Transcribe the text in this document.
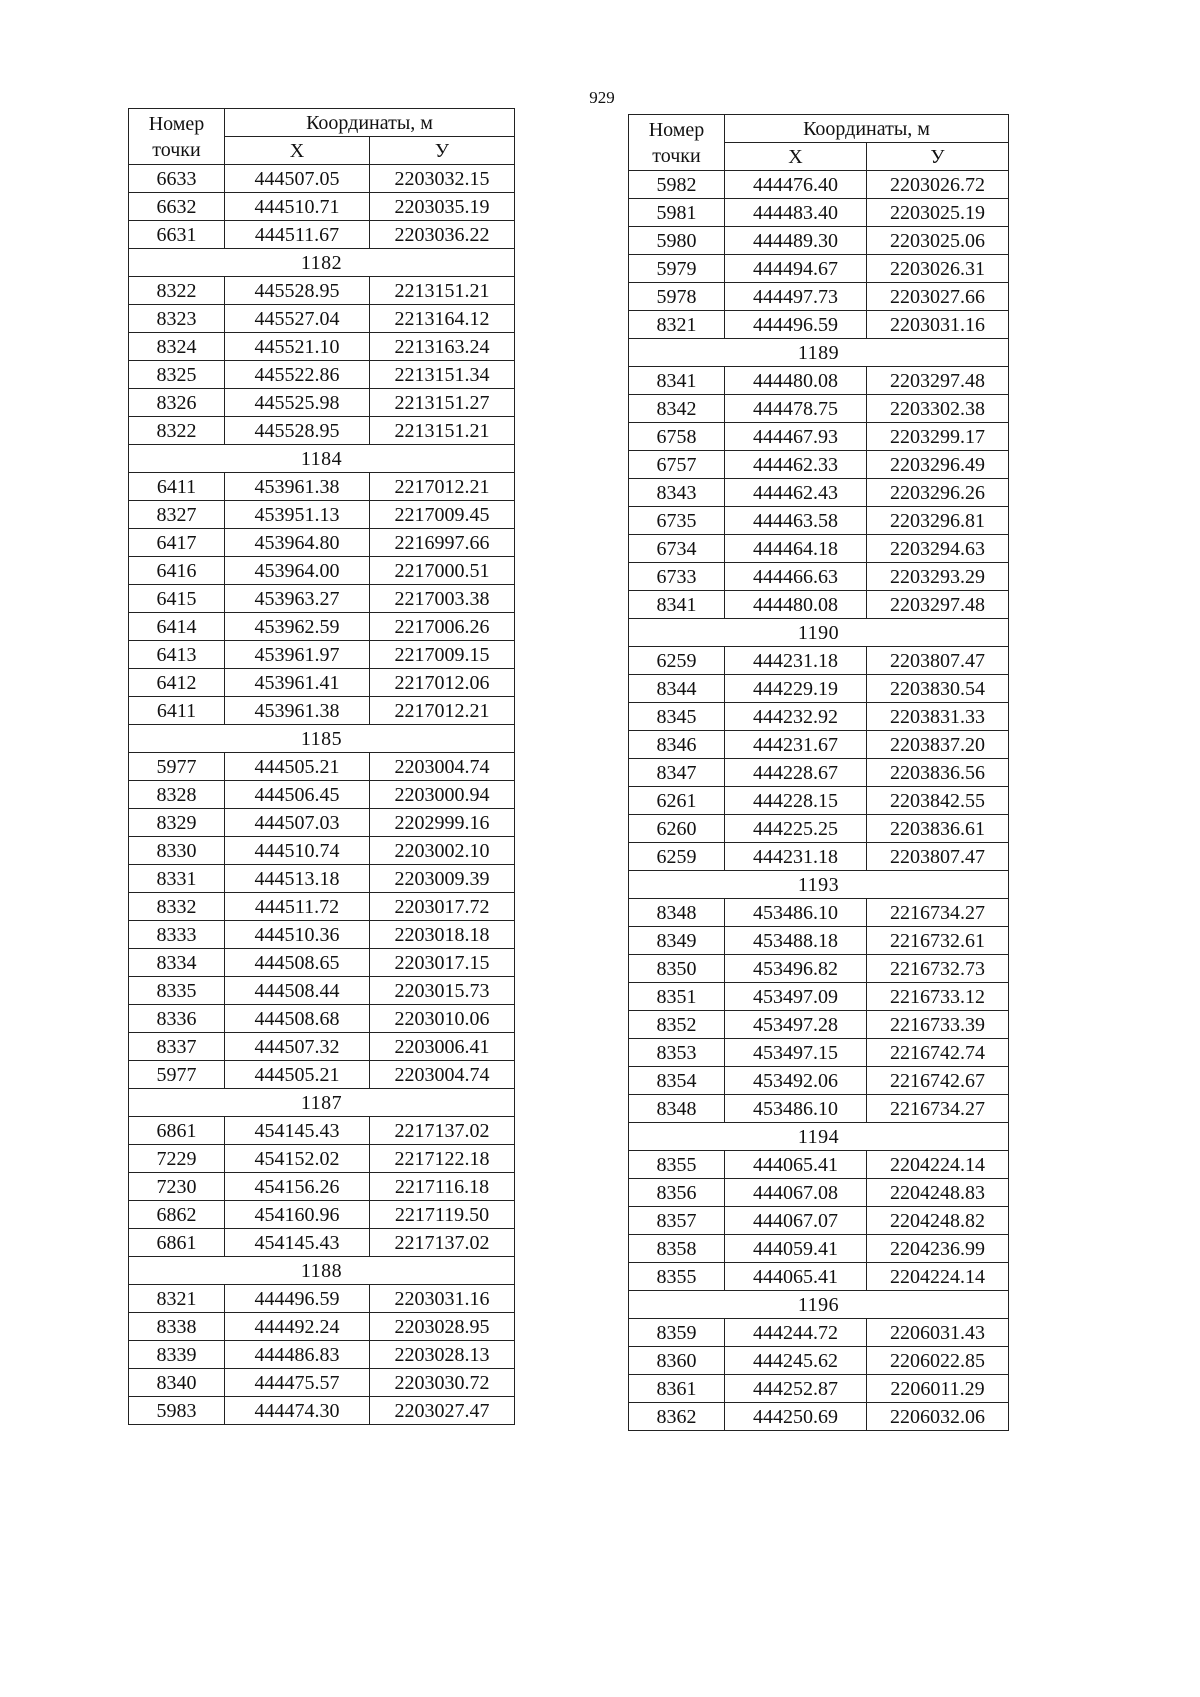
929
Номер
точки	Координаты, м	
	X	У
6633	444507.05	2203032.15
6632	444510.71	2203035.19
6631	444511.67	2203036.22
1182		
8322	445528.95	2213151.21
8323	445527.04	2213164.12
8324	445521.10	2213163.24
8325	445522.86	2213151.34
8326	445525.98	2213151.27
8322	445528.95	2213151.21
1184		
6411	453961.38	2217012.21
8327	453951.13	2217009.45
6417	453964.80	2216997.66
6416	453964.00	2217000.51
6415	453963.27	2217003.38
6414	453962.59	2217006.26
6413	453961.97	2217009.15
6412	453961.41	2217012.06
6411	453961.38	2217012.21
1185		
5977	444505.21	2203004.74
8328	444506.45	2203000.94
8329	444507.03	2202999.16
8330	444510.74	2203002.10
8331	444513.18	2203009.39
8332	444511.72	2203017.72
8333	444510.36	2203018.18
8334	444508.65	2203017.15
8335	444508.44	2203015.73
8336	444508.68	2203010.06
8337	444507.32	2203006.41
5977	444505.21	2203004.74
1187		
6861	454145.43	2217137.02
7229	454152.02	2217122.18
7230	454156.26	2217116.18
6862	454160.96	2217119.50
6861	454145.43	2217137.02
1188		
8321	444496.59	2203031.16
8338	444492.24	2203028.95
8339	444486.83	2203028.13
8340	444475.57	2203030.72
5983	444474.30	2203027.47
Номер
точки	Координаты, м	
	X	У
5982	444476.40	2203026.72
5981	444483.40	2203025.19
5980	444489.30	2203025.06
5979	444494.67	2203026.31
5978	444497.73	2203027.66
8321	444496.59	2203031.16
1189		
8341	444480.08	2203297.48
8342	444478.75	2203302.38
6758	444467.93	2203299.17
6757	444462.33	2203296.49
8343	444462.43	2203296.26
6735	444463.58	2203296.81
6734	444464.18	2203294.63
6733	444466.63	2203293.29
8341	444480.08	2203297.48
1190		
6259	444231.18	2203807.47
8344	444229.19	2203830.54
8345	444232.92	2203831.33
8346	444231.67	2203837.20
8347	444228.67	2203836.56
6261	444228.15	2203842.55
6260	444225.25	2203836.61
6259	444231.18	2203807.47
1193		
8348	453486.10	2216734.27
8349	453488.18	2216732.61
8350	453496.82	2216732.73
8351	453497.09	2216733.12
8352	453497.28	2216733.39
8353	453497.15	2216742.74
8354	453492.06	2216742.67
8348	453486.10	2216734.27
1194		
8355	444065.41	2204224.14
8356	444067.08	2204248.83
8357	444067.07	2204248.82
8358	444059.41	2204236.99
8355	444065.41	2204224.14
1196		
8359	444244.72	2206031.43
8360	444245.62	2206022.85
8361	444252.87	2206011.29
8362	444250.69	2206032.06
